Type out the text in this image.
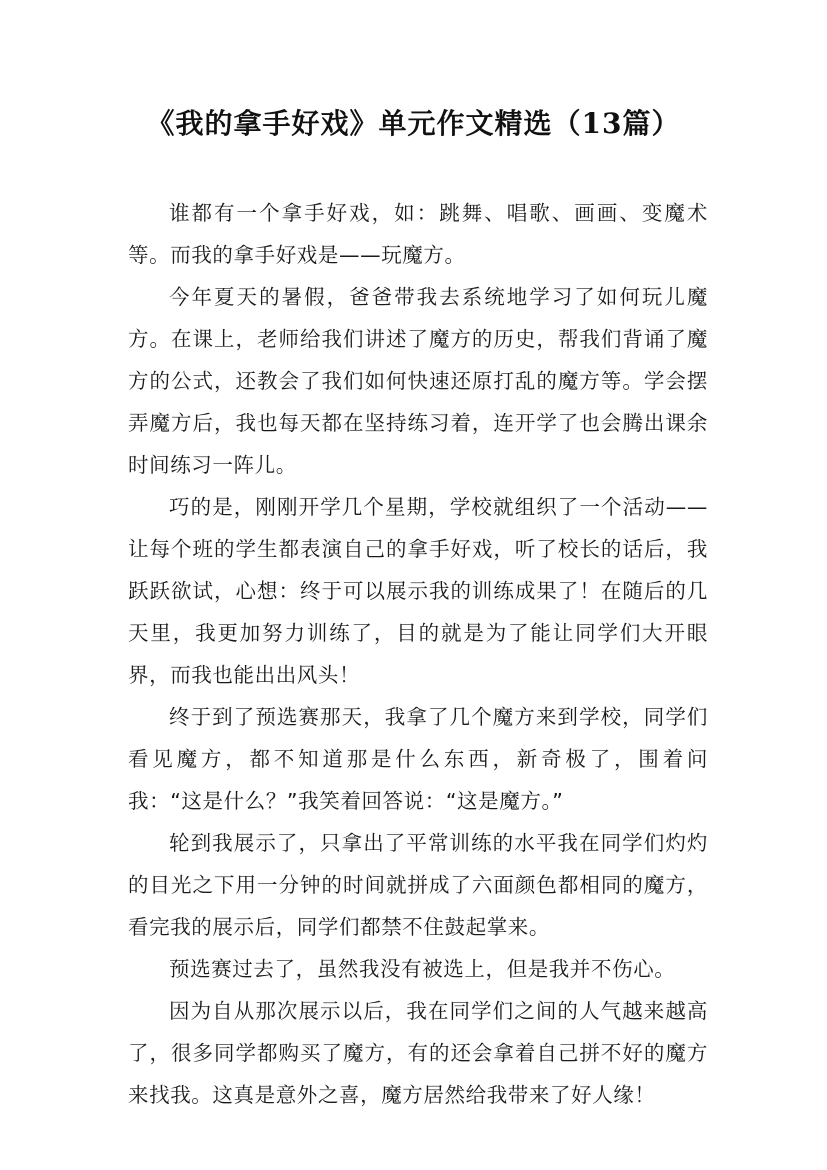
《我的拿手好戏》单元作文精选（13篇）

谁都有一个拿手好戏，如：跳舞、唱歌、画画、变魔术等。而我的拿手好戏是——玩魔方。

今年夏天的暑假，爸爸带我去系统地学习了如何玩儿魔方。在课上，老师给我们讲述了魔方的历史，帮我们背诵了魔方的公式，还教会了我们如何快速还原打乱的魔方等。学会摆弄魔方后，我也每天都在坚持练习着，连开学了也会腾出课余时间练习一阵儿。

巧的是，刚刚开学几个星期，学校就组织了一个活动——让每个班的学生都表演自己的拿手好戏，听了校长的话后，我跃跃欲试，心想：终于可以展示我的训练成果了！在随后的几天里，我更加努力训练了，目的就是为了能让同学们大开眼界，而我也能出出风头！

终于到了预选赛那天，我拿了几个魔方来到学校，同学们看见魔方，都不知道那是什么东西，新奇极了，围着问我：“这是什么？”我笑着回答说：“这是魔方。”

轮到我展示了，只拿出了平常训练的水平我在同学们灼灼的目光之下用一分钟的时间就拼成了六面颜色都相同的魔方，看完我的展示后，同学们都禁不住鼓起掌来。

预选赛过去了，虽然我没有被选上，但是我并不伤心。

因为自从那次展示以后，我在同学们之间的人气越来越高了，很多同学都购买了魔方，有的还会拿着自己拼不好的魔方来找我。这真是意外之喜，魔方居然给我带来了好人缘！
